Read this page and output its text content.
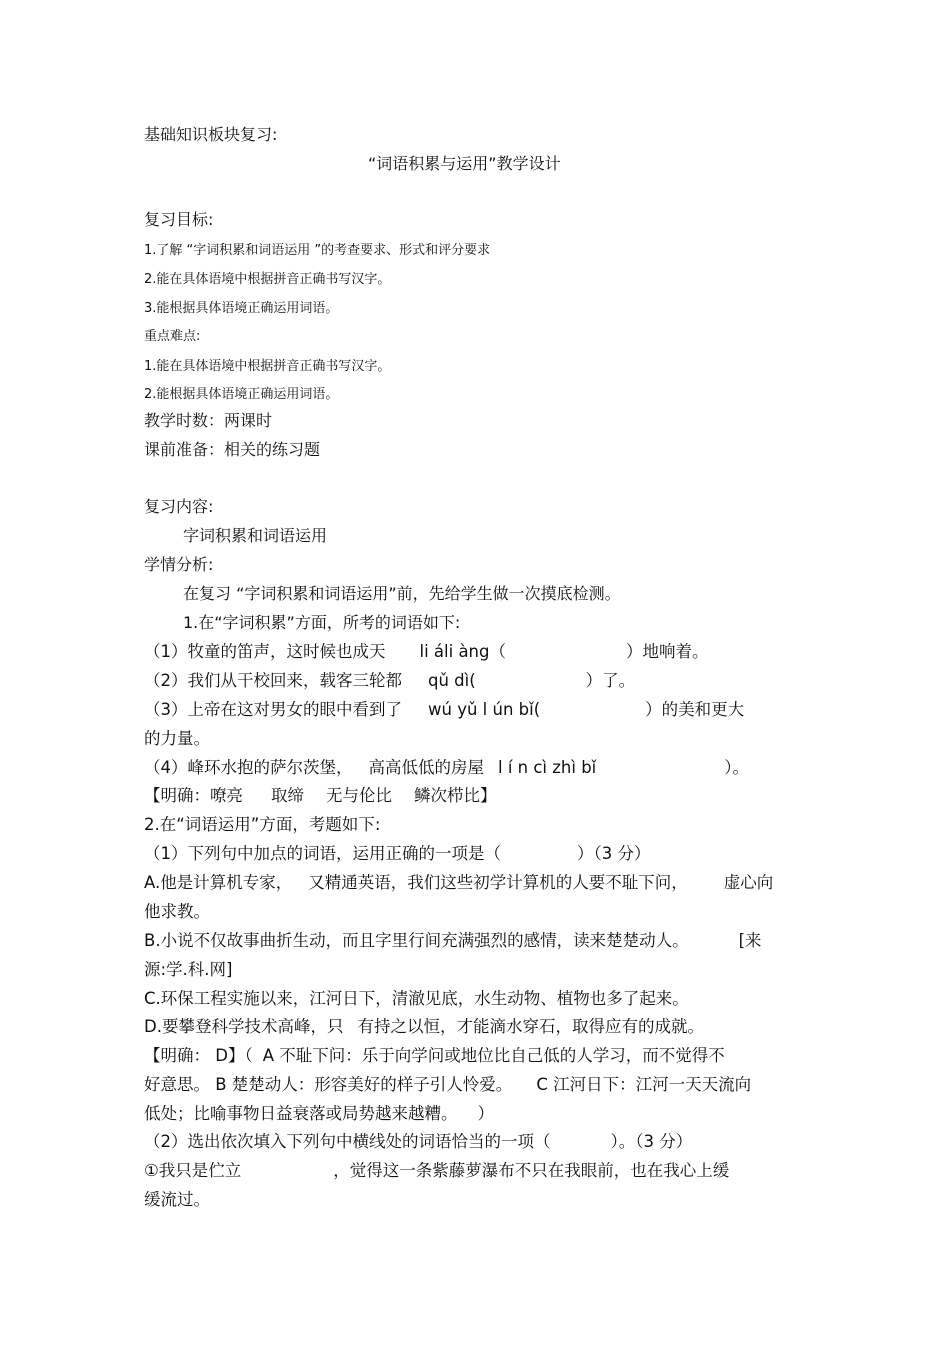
基础知识板块复习:
“词语积累与运用”教学设计
复习目标:
1.了解 “字词积累和词语运用 ”的考查要求、形式和评分要求
2.能在具体语境中根据拼音正确书写汉字。
3.能根据具体语境正确运用词语。
重点难点:
1.能在具体语境中根据拼音正确书写汉字。
2.能根据具体语境正确运用词语。
教学时数：两课时
课前准备：相关的练习题
复习内容:
字词积累和词语运用
学情分析:
在复习 “字词积累和词语运用”前，先给学生做一次摸底检测。
1.在“字词积累”方面，所考的词语如下:
（1）牧童的笛声，这时候也成天 li áli àng（	）地响着。
（2）我们从干校回来，载客三轮都 qǔ dì(	）了。
（3）上帝在这对男女的眼中看到了 wú yǔ l ún bǐ(	）的美和更大
的力量。
（4）峰环水抱的萨尔茨堡， 高高低低的房屋 l í n cì zhì bǐ	）。
【明确：嘹亮 取缔 无与伦比 鳞次栉比】
2.在“词语运用”方面，考题如下:
（1）下列句中加点的词语，运用正确的一项是（	）（3 分）
A.他是计算机专家， 又精通英语，我们这些初学计算机的人要不耻下问， 虚心向
他求教。
B.小说不仅故事曲折生动，而且字里行间充满强烈的感情，读来楚楚动人。	[来
源:学.科.网]
C.环保工程实施以来，江河日下，清澈见底，水生动物、植物也多了起来。
D.要攀登科学技术高峰，只 有持之以恒，才能滴水穿石，取得应有的成就。
【明确： D】（ A 不耻下问：乐于向学问或地位比自己低的人学习，而不觉得不
好意思。 B 楚楚动人：形容美好的样子引人怜爱。 C 江河日下：江河一天天流向
低处；比喻事物日益衰落或局势越来越糟。 ）
（2）选出依次填入下列句中横线处的词语恰当的一项（	）。（3 分）
①我只是伫立	，觉得这一条紫藤萝瀑布不只在我眼前，也在我心上缓
缓流过。
